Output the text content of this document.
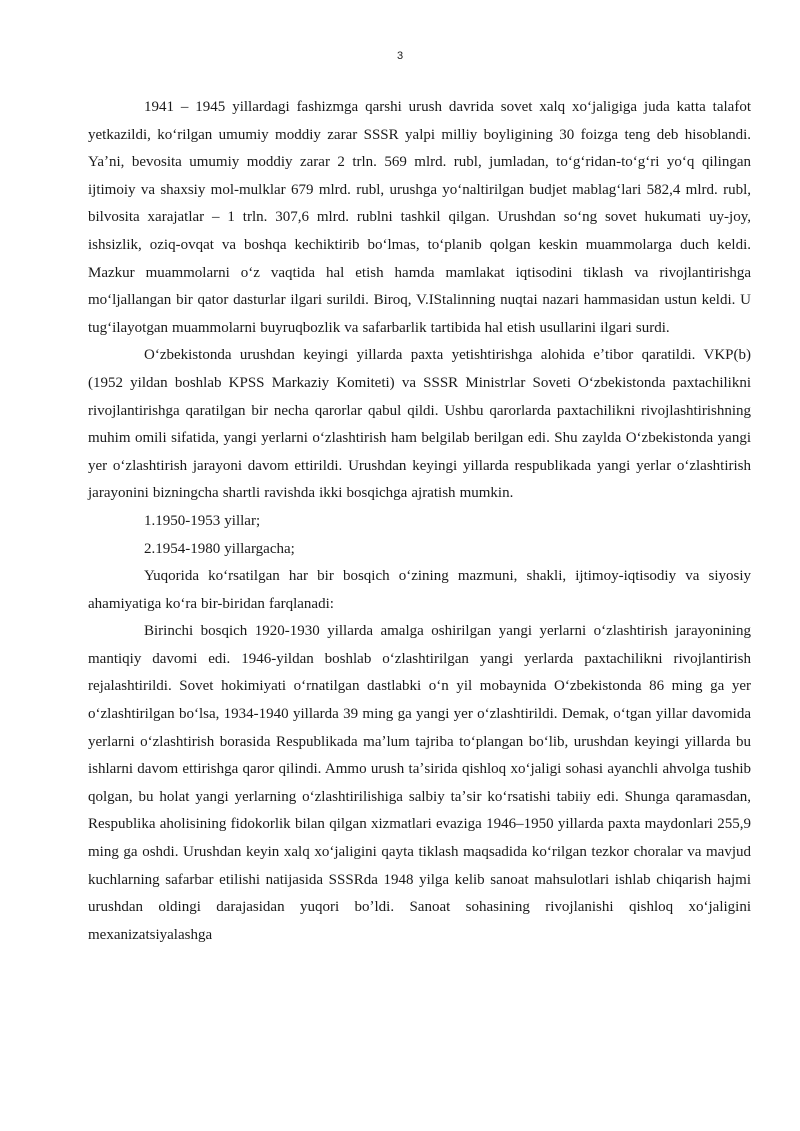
3

1941 – 1945 yillardagi fashizmga qarshi urush davrida sovet xalq xoʻjaligiga juda katta talafot yetkazildi, koʻrilgan umumiy moddiy zarar SSSR yalpi milliy boyligining 30 foizga teng deb hisoblandi. Yaʼni, bevosita umumiy moddiy zarar 2 trln. 569 mlrd. rubl, jumladan, toʻgʻridan-toʻgʻri yoʻq qilingan ijtimoiy va shaxsiy mol-mulklar 679 mlrd. rubl, urushga yoʻnaltirilgan budjet mablagʻlari 582,4 mlrd. rubl, bilvosita xarajatlar – 1 trln. 307,6 mlrd. rublni tashkil qilgan. Urushdan soʻng sovet hukumati uy-joy, ishsizlik, oziq-ovqat va boshqa kechiktirib boʻlmas, toʻplanib qolgan keskin muammolarga duch keldi. Mazkur muammolarni oʻz vaqtida hal etish hamda mamlakat iqtisodini tiklash va rivojlantirishga moʻljallangan bir qator dasturlar ilgari surildi. Biroq, V.IStalinning nuqtai nazari hammasidan ustun keldi. U tugʻilayotgan muammolarni buyruqbozlik va safarbarlik tartibida hal etish usullarini ilgari surdi.

Oʻzbekistonda urushdan keyingi yillarda paxta yetishtirishga alohida eʼtibor qaratildi. VKP(b) (1952 yildan boshlab KPSS Markaziy Komiteti) va SSSR Ministrlar Soveti Oʻzbekistonda paxtachilikni rivojlantirishga qaratilgan bir necha qarorlar qabul qildi. Ushbu qarorlarda paxtachilikni rivojlashtirishning muhim omili sifatida, yangi yerlarni oʻzlashtirish ham belgilab berilgan edi. Shu zaylda Oʻzbekistonda yangi yer oʻzlashtirish jarayoni davom ettirildi. Urushdan keyingi yillarda respublikada yangi yerlar oʻzlashtirish jarayonini bizningcha shartli ravishda ikki bosqichga ajratish mumkin.

1.1950-1953 yillar;

2.1954-1980 yillargacha;

Yuqorida koʻrsatilgan har bir bosqich oʻzining mazmuni, shakli, ijtimoy-iqtisodiy va siyosiy ahamiyatiga koʻra bir-biridan farqlanadi:

Birinchi bosqich 1920-1930 yillarda amalga oshirilgan yangi yerlarni oʻzlashtirish jarayonining mantiqiy davomi edi. 1946-yildan boshlab oʻzlashtirilgan yangi yerlarda paxtachilikni rivojlantirish rejalashtirildi. Sovet hokimiyati oʻrnatilgan dastlabki oʻn yil mobaynida Oʻzbekistonda 86 ming ga yer oʻzlashtirilgan boʻlsa, 1934-1940 yillarda 39 ming ga yangi yer oʻzlashtirildi. Demak, oʻtgan yillar davomida yerlarni oʻzlashtirish borasida Respublikada maʼlum tajriba toʻplangan boʻlib, urushdan keyingi yillarda bu ishlarni davom ettirishga qaror qilindi. Ammo urush taʼsirida qishloq xoʻjaligi sohasi ayanchli ahvolga tushib qolgan, bu holat yangi yerlarning oʻzlashtirilishiga salbiy taʼsir koʻrsatishi tabiiy edi. Shunga qaramasdan, Respublika aholisining fidokorlik bilan qilgan xizmatlari evaziga 1946–1950 yillarda paxta maydonlari 255,9 ming ga oshdi. Urushdan keyin xalq xoʻjaligini qayta tiklash maqsadida koʻrilgan tezkor choralar va mavjud kuchlarning safarbar etilishi natijasida SSSRda 1948 yilga kelib sanoat mahsulotlari ishlab chiqarish hajmi urushdan oldingi darajasidan yuqori boʼldi. Sanoat sohasining rivojlanishi qishloq xoʻjaligini mexanizatsiyalashga
